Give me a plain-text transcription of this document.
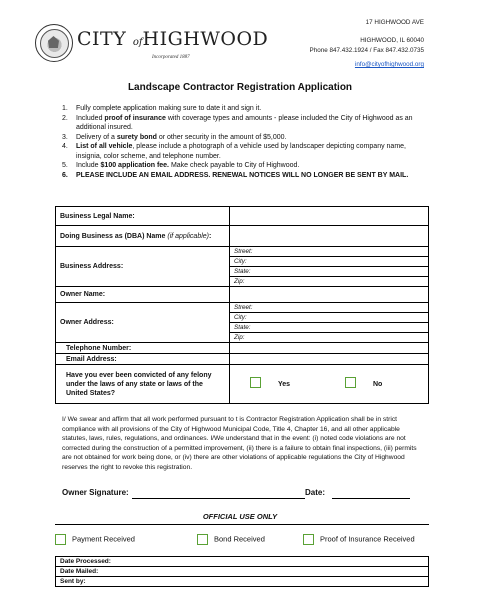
CITY ofHIGHWOOD
Incorporated 1887
17 HIGHWOOD AVE
HIGHWOOD, IL 60040
Phone 847.432.1924 / Fax 847.432.0735
info@cityofhighwood.org
Landscape Contractor Registration Application
1. Fully complete application making sure to date it and sign it.
2. Included proof of insurance with coverage types and amounts - please included the City of Highwood as an additional insured.
3. Delivery of a surety bond or other security in the amount of $5,000.
4. List of all vehicle, please include a photograph of a vehicle used by landscaper depicting company name, insignia, color scheme, and telephone number.
5. Include $100 application fee. Make check payable to City of Highwood.
6. PLEASE INCLUDE AN EMAIL ADDRESS. RENEWAL NOTICES WILL NO LONGER BE SENT BY MAIL.
Business Legal Name:	
Doing Business as (DBA) Name (if applicable):	
Business Address:	Street:
	City:
	State:
	Zip:
Owner Name:	
Owner Address:	Street:
	City:
	State:
	Zip:
Telephone Number:	
Email Address:	
Have you ever been convicted of any felony under the laws of any state or laws of the United States?	Yes No
I/ We swear and affirm that all work performed pursuant to t is Contractor Registration Application shall be in strict compliance with all provisions of the City of Highwood Municipal Code, Title 4, Chapter 16, and all other applicable statutes, laws, rules, regulations, and ordinances. I/We understand that in the event: (i) noted code violations are not corrected during the construction of a permitted improvement, (ii) there is a failure to obtain final inspections, (iii) permits are not obtained for work being done, or (iv) there are other violations of applicable regulations the City of Highwood reserves the right to revoke this registration.
Owner Signature:	Date:
OFFICIAL USE ONLY
Payment Received	Bond Received	Proof of Insurance Received
Date Processed:
Date Mailed:
Sent by:
